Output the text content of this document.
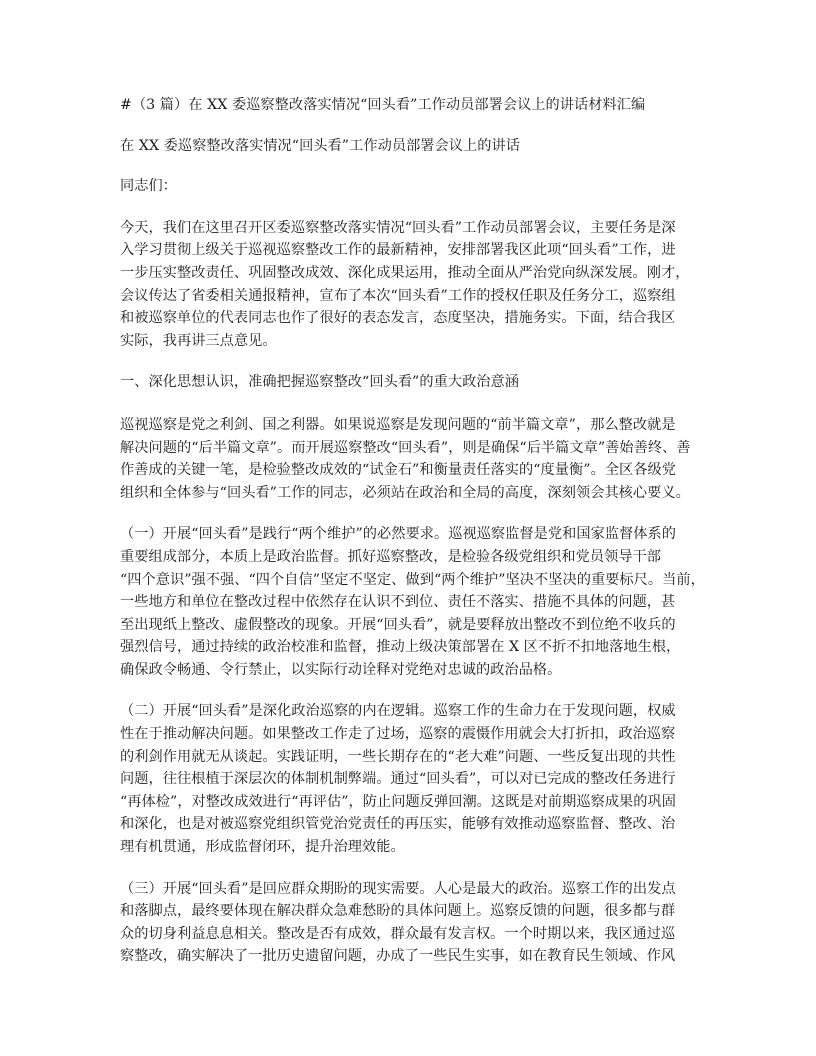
#（3 篇）在 XX 委巡察整改落实情况“回头看”工作动员部署会议上的讲话材料汇编
在 XX 委巡察整改落实情况“回头看”工作动员部署会议上的讲话
同志们：
今天，我们在这里召开区委巡察整改落实情况“回头看”工作动员部署会议，主要任务是深
入学习贯彻上级关于巡视巡察整改工作的最新精神，安排部署我区此项“回头看”工作，进
一步压实整改责任、巩固整改成效、深化成果运用，推动全面从严治党向纵深发展。刚才，
会议传达了省委相关通报精神，宣布了本次“回头看”工作的授权任职及任务分工，巡察组
和被巡察单位的代表同志也作了很好的表态发言，态度坚决，措施务实。下面，结合我区
实际，我再讲三点意见。
一、深化思想认识，准确把握巡察整改“回头看”的重大政治意涵
巡视巡察是党之利剑、国之利器。如果说巡察是发现问题的“前半篇文章”，那么整改就是
解决问题的“后半篇文章”。而开展巡察整改“回头看”，则是确保“后半篇文章”善始善终、善
作善成的关键一笔，是检验整改成效的“试金石”和衡量责任落实的“度量衡”。全区各级党
组织和全体参与“回头看”工作的同志，必须站在政治和全局的高度，深刻领会其核心要义。
（一）开展“回头看”是践行“两个维护”的必然要求。巡视巡察监督是党和国家监督体系的
重要组成部分，本质上是政治监督。抓好巡察整改，是检验各级党组织和党员领导干部
“四个意识”强不强、“四个自信”坚定不坚定、做到“两个维护”坚决不坚决的重要标尺。当前，
一些地方和单位在整改过程中依然存在认识不到位、责任不落实、措施不具体的问题，甚
至出现纸上整改、虚假整改的现象。开展“回头看”，就是要释放出整改不到位绝不收兵的
强烈信号，通过持续的政治校准和监督，推动上级决策部署在 X 区不折不扣地落地生根，
确保政令畅通、令行禁止，以实际行动诠释对党绝对忠诚的政治品格。
（二）开展“回头看”是深化政治巡察的内在逻辑。巡察工作的生命力在于发现问题，权威
性在于推动解决问题。如果整改工作走了过场，巡察的震慑作用就会大打折扣，政治巡察
的利剑作用就无从谈起。实践证明，一些长期存在的“老大难”问题、一些反复出现的共性
问题，往往根植于深层次的体制机制弊端。通过“回头看”，可以对已完成的整改任务进行
“再体检”，对整改成效进行“再评估”，防止问题反弹回潮。这既是对前期巡察成果的巩固
和深化，也是对被巡察党组织管党治党责任的再压实，能够有效推动巡察监督、整改、治
理有机贯通，形成监督闭环，提升治理效能。
（三）开展“回头看”是回应群众期盼的现实需要。人心是最大的政治。巡察工作的出发点
和落脚点，最终要体现在解决群众急难愁盼的具体问题上。巡察反馈的问题，很多都与群
众的切身利益息息相关。整改是否有成效，群众最有发言权。一个时期以来，我区通过巡
察整改，确实解决了一批历史遗留问题，办成了一些民生实事，如在教育民生领域、作风
